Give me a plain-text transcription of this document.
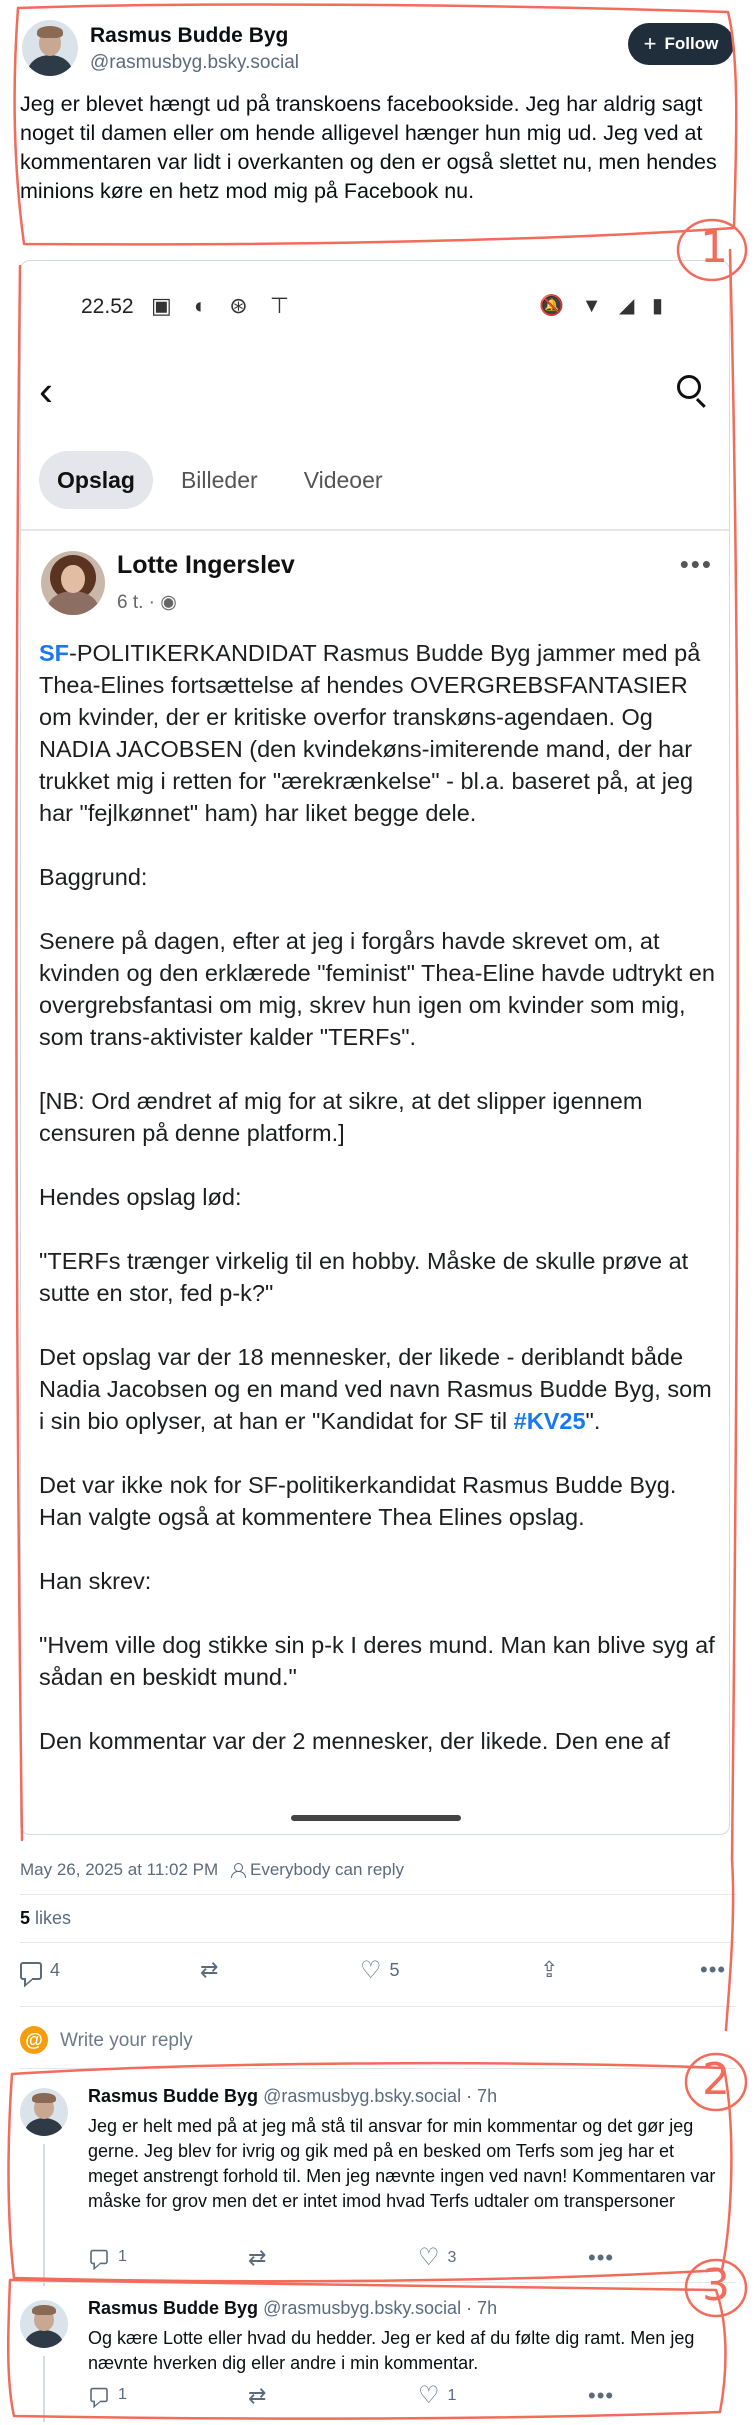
Rasmus Budde Byg
@rasmusbyg.bsky.social
+ Follow
Jeg er blevet hængt ud på transkoens facebookside. Jeg har aldrig sagt noget til damen eller om hende alligevel hænger hun mig ud. Jeg ved at kommentaren var lidt i overkanten og den er også slettet nu, men hendes minions køre en hetz mod mig på Facebook nu.
22.52 ▣ ◐ ⊛ ⊤	🔕 ▼ ◢ ▮
‹
Opslag	Billeder	Videoer
Lotte Ingerslev
6 t. · ◉
•••

SF-POLITIKERKANDIDAT Rasmus Budde Byg jammer med på Thea-Elines fortsættelse af hendes OVERGREBSFANTASIER om kvinder, der er kritiske overfor transkøns-agendaen. Og NADIA JACOBSEN (den kvindekøns-imiterende mand, der har trukket mig i retten for "ærekrænkelse" - bl.a. baseret på, at jeg har "fejlkønnet" ham) har liket begge dele.

Baggrund:

Senere på dagen, efter at jeg i forgårs havde skrevet om, at kvinden og den erklærede "feminist" Thea-Eline havde udtrykt en overgrebsfantasi om mig, skrev hun igen om kvinder som mig, som trans-aktivister kalder "TERFs".

[NB: Ord ændret af mig for at sikre, at det slipper igennem censuren på denne platform.]

Hendes opslag lød:

"TERFs trænger virkelig til en hobby. Måske de skulle prøve at sutte en stor, fed p-k?"

Det opslag var der 18 mennesker, der likede - deriblandt både Nadia Jacobsen og en mand ved navn Rasmus Budde Byg, som i sin bio oplyser, at han er "Kandidat for SF til #KV25".

Det var ikke nok for SF-politikerkandidat Rasmus Budde Byg. Han valgte også at kommentere Thea Elines opslag.

Han skrev:

"Hvem ville dog stikke sin p-k I deres mund. Man kan blive syg af sådan en beskidt mund."

Den kommentar var der 2 mennesker, der likede. Den ene af

May 26, 2025 at 11:02 PM	Everybody can reply
5 likes
4	⇄	♡ 5	⇪	•••
@ Write your reply
Rasmus Budde Byg @rasmusbyg.bsky.social · 7h
Jeg er helt med på at jeg må stå til ansvar for min kommentar og det gør jeg gerne. Jeg blev for ivrig og gik med på en besked om Terfs som jeg har et meget anstrengt forhold til. Men jeg nævnte ingen ved navn! Kommentaren var måske for grov men det er intet imod hvad Terfs udtaler om transpersoner
1	⇄	♡ 3	•••
Rasmus Budde Byg @rasmusbyg.bsky.social · 7h
Og kære Lotte eller hvad du hedder. Jeg er ked af du følte dig ramt. Men jeg nævnte hverken dig eller andre i min kommentar.
1	⇄	♡ 1	•••
1
2
3
